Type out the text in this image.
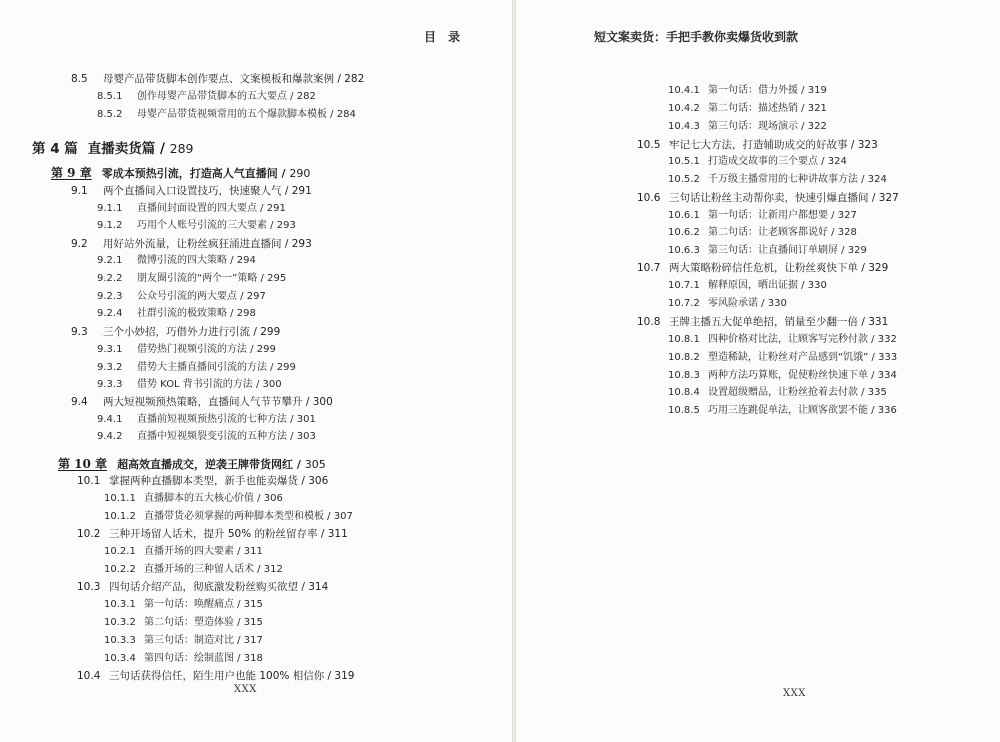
目 录
8.5 母婴产品带货脚本创作要点、文案模板和爆款案例 / 282
8.5.1 创作母婴产品带货脚本的五大要点 / 282
8.5.2 母婴产品带货视频常用的五个爆款脚本模板 / 284
第 4 篇 直播卖货篇 / 289
第 9 章 零成本预热引流，打造高人气直播间 / 290
9.1 两个直播间入口设置技巧，快速聚人气 / 291
9.1.1 直播间封面设置的四大要点 / 291
9.1.2 巧用个人账号引流的三大要素 / 293
9.2 用好站外流量，让粉丝疯狂涌进直播间 / 293
9.2.1 微博引流的四大策略 / 294
9.2.2 朋友圈引流的“两个一”策略 / 295
9.2.3 公众号引流的两大要点 / 297
9.2.4 社群引流的极致策略 / 298
9.3 三个小妙招，巧借外力进行引流 / 299
9.3.1 借势热门视频引流的方法 / 299
9.3.2 借势大主播直播间引流的方法 / 299
9.3.3 借势 KOL 背书引流的方法 / 300
9.4 两大短视频预热策略，直播间人气节节攀升 / 300
9.4.1 直播前短视频预热引流的七种方法 / 301
9.4.2 直播中短视频裂变引流的五种方法 / 303
第 10 章 超高效直播成交，逆袭王牌带货网红 / 305
10.1 掌握两种直播脚本类型，新手也能卖爆货 / 306
10.1.1 直播脚本的五大核心价值 / 306
10.1.2 直播带货必须掌握的两种脚本类型和模板 / 307
10.2 三种开场留人话术，提升 50% 的粉丝留存率 / 311
10.2.1 直播开场的四大要素 / 311
10.2.2 直播开场的三种留人话术 / 312
10.3 四句话介绍产品，彻底激发粉丝购买欲望 / 314
10.3.1 第一句话：唤醒痛点 / 315
10.3.2 第二句话：塑造体验 / 315
10.3.3 第三句话：制造对比 / 317
10.3.4 第四句话：绘制蓝图 / 318
10.4 三句话获得信任，陌生用户也能 100% 相信你 / 319
XXX
短文案卖货：手把手教你卖爆货收到款
10.4.1 第一句话：借力外援 / 319
10.4.2 第二句话：描述热销 / 321
10.4.3 第三句话：现场演示 / 322
10.5 牢记七大方法，打造辅助成交的好故事 / 323
10.5.1 打造成交故事的三个要点 / 324
10.5.2 千万级主播常用的七种讲故事方法 / 324
10.6 三句话让粉丝主动帮你卖，快速引爆直播间 / 327
10.6.1 第一句话：让新用户都想要 / 327
10.6.2 第二句话：让老顾客都说好 / 328
10.6.3 第三句话：让直播间订单刷屏 / 329
10.7 两大策略粉碎信任危机，让粉丝爽快下单 / 329
10.7.1 解释原因，晒出证据 / 330
10.7.2 零风险承诺 / 330
10.8 王牌主播五大促单绝招，销量至少翻一倍 / 331
10.8.1 四种价格对比法，让顾客写完秒付款 / 332
10.8.2 塑造稀缺，让粉丝对产品感到“饥饿” / 333
10.8.3 两种方法巧算账，促使粉丝快速下单 / 334
10.8.4 设置超级赠品，让粉丝抢着去付款 / 335
10.8.5 巧用三连跳促单法，让顾客欲罢不能 / 336
XXX
